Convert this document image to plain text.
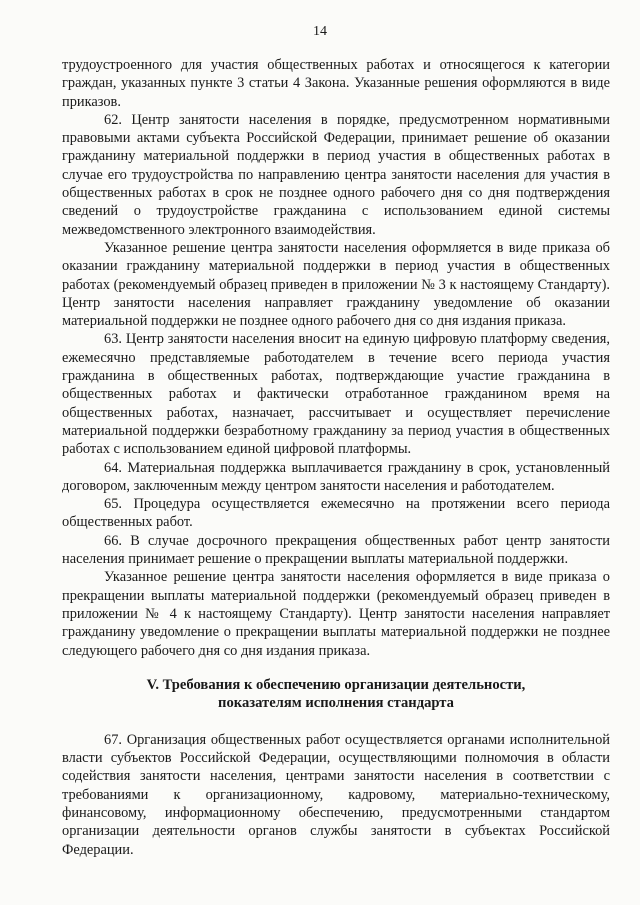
14

трудоустроенного для участия общественных работах и относящегося к категории граждан, указанных пункте 3 статьи 4 Закона. Указанные решения оформляются в виде приказов.

62. Центр занятости населения в порядке, предусмотренном нормативными правовыми актами субъекта Российской Федерации, принимает решение об оказании гражданину материальной поддержки в период участия в общественных работах в случае его трудоустройства по направлению центра занятости населения для участия в общественных работах в срок не позднее одного рабочего дня со дня подтверждения сведений о трудоустройстве гражданина с использованием единой системы межведомственного электронного взаимодействия.

Указанное решение центра занятости населения оформляется в виде приказа об оказании гражданину материальной поддержки в период участия в общественных работах (рекомендуемый образец приведен в приложении № 3 к настоящему Стандарту). Центр занятости населения направляет гражданину уведомление об оказании материальной поддержки не позднее одного рабочего дня со дня издания приказа.

63. Центр занятости населения вносит на единую цифровую платформу сведения, ежемесячно представляемые работодателем в течение всего периода участия гражданина в общественных работах, подтверждающие участие гражданина в общественных работах и фактически отработанное гражданином время на общественных работах, назначает, рассчитывает и осуществляет перечисление материальной поддержки безработному гражданину за период участия в общественных работах с использованием единой цифровой платформы.

64. Материальная поддержка выплачивается гражданину в срок, установленный договором, заключенным между центром занятости населения и работодателем.

65. Процедура осуществляется ежемесячно на протяжении всего периода общественных работ.

66. В случае досрочного прекращения общественных работ центр занятости населения принимает решение о прекращении выплаты материальной поддержки.

Указанное решение центра занятости населения оформляется в виде приказа о прекращении выплаты материальной поддержки (рекомендуемый образец приведен в приложении № 4 к настоящему Стандарту). Центр занятости населения направляет гражданину уведомление о прекращении выплаты материальной поддержки не позднее следующего рабочего дня со дня издания приказа.

V. Требования к обеспечению организации деятельности,
показателям исполнения стандарта

67. Организация общественных работ осуществляется органами исполнительной власти субъектов Российской Федерации, осуществляющими полномочия в области содействия занятости населения, центрами занятости населения в соответствии с требованиями к организационному, кадровому, материально-техническому, финансовому, информационному обеспечению, предусмотренными стандартом организации деятельности органов службы занятости в субъектах Российской Федерации.
